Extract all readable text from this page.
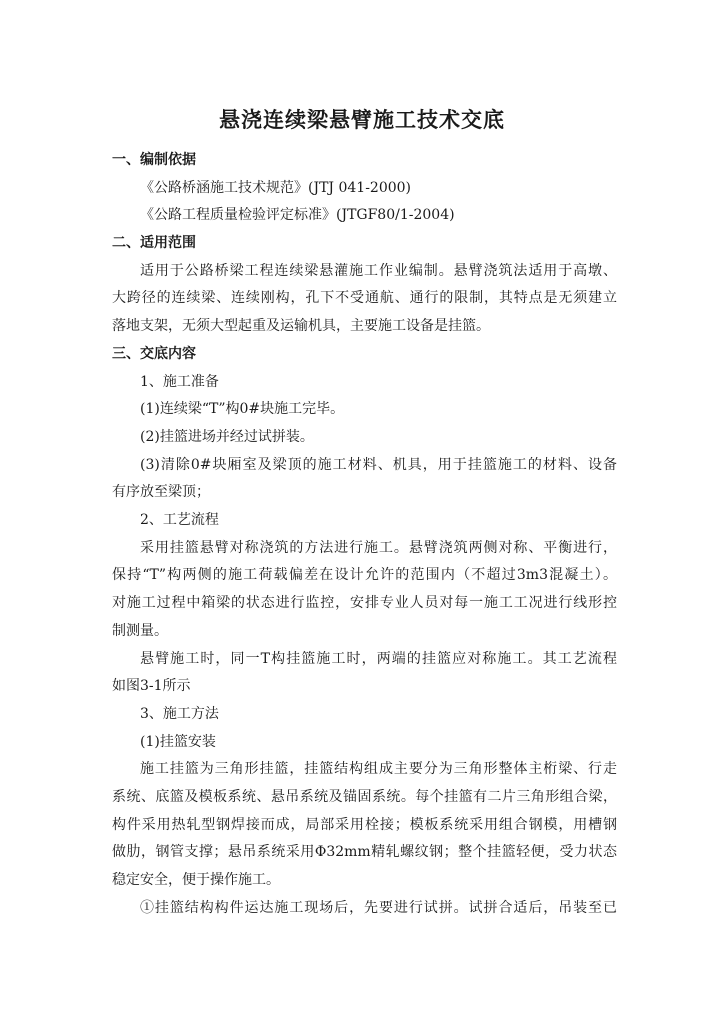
悬浇连续梁悬臂施工技术交底
一、编制依据
《公路桥涵施工技术规范》(JTJ 041-2000)
《公路工程质量检验评定标准》(JTGF80/1-2004)
二、适用范围
适用于公路桥梁工程连续梁悬灌施工作业编制。悬臂浇筑法适用于高墩、
大跨径的连续梁、连续刚构，孔下不受通航、通行的限制，其特点是无须建立
落地支架，无须大型起重及运输机具，主要施工设备是挂篮。
三、交底内容
1、施工准备
(1)连续梁“T”构0#块施工完毕。
(2)挂篮进场并经过试拼装。
(3)清除0#块厢室及梁顶的施工材料、机具，用于挂篮施工的材料、设备
有序放至梁顶；
2、工艺流程
采用挂篮悬臂对称浇筑的方法进行施工。悬臂浇筑两侧对称、平衡进行，
保持“T”构两侧的施工荷载偏差在设计允许的范围内（不超过3m3混凝土）。
对施工过程中箱梁的状态进行监控，安排专业人员对每一施工工况进行线形控
制测量。
悬臂施工时，同一T构挂篮施工时，两端的挂篮应对称施工。其工艺流程
如图3-1所示
3、施工方法
(1)挂篮安装
施工挂篮为三角形挂篮，挂篮结构组成主要分为三角形整体主桁梁、行走
系统、底篮及模板系统、悬吊系统及锚固系统。每个挂篮有二片三角形组合梁，
构件采用热轧型钢焊接而成，局部采用栓接；模板系统采用组合钢模，用槽钢
做肋，钢管支撑；悬吊系统采用Φ32mm精轧螺纹钢；整个挂篮轻便，受力状态
稳定安全，便于操作施工。
①挂篮结构构件运达施工现场后，先要进行试拼。试拼合适后，吊装至已
